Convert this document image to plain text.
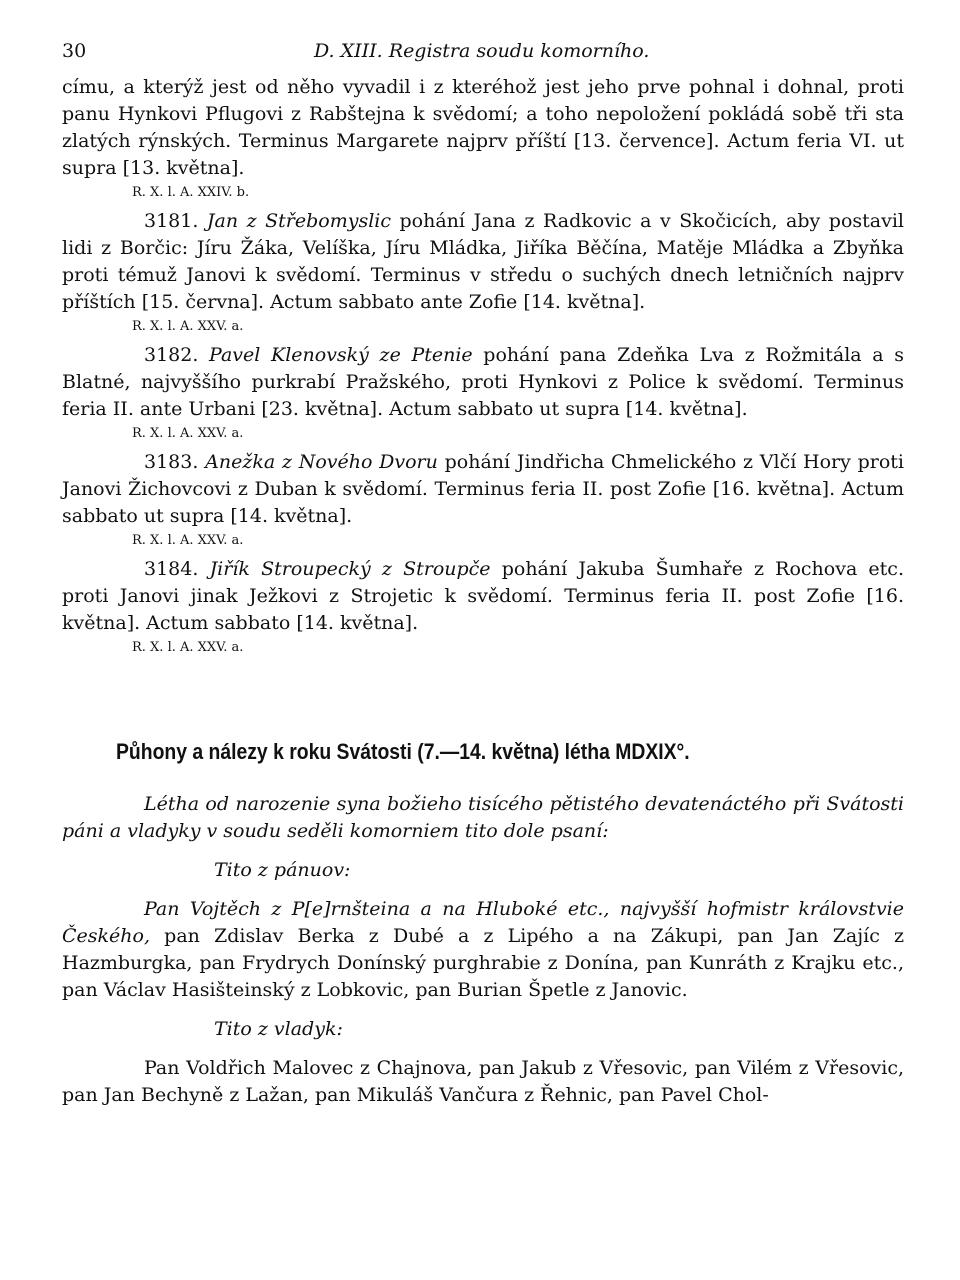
30	D. XIII. Registra soudu komorního.

címu, a kterýž jest od něho vyvadil i z kteréhož jest jeho prve pohnal i dohnal, proti panu Hynkovi Pflugovi z Rabštejna k svědomí; a toho nepoložení pokládá sobě tři sta zlatých rýnských. Terminus Margarete najprv příští [13. července]. Actum feria VI. ut supra [13. května].

R. X. l. A. XXIV. b.

3181. Jan z Střebomyslic pohání Jana z Radkovic a v Skočicích, aby postavil lidi z Borčic: Jíru Žáka, Velíška, Jíru Mládka, Jiříka Běčína, Matěje Mládka a Zbyňka proti témuž Janovi k svědomí. Terminus v středu o suchých dnech letničních najprv příštích [15. června]. Actum sabbato ante Zofie [14. května].

R. X. l. A. XXV. a.

3182. Pavel Klenovský ze Ptenie pohání pana Zdeňka Lva z Rožmitála a s Blatné, najvyššího purkrabí Pražského, proti Hynkovi z Police k svědomí. Terminus feria II. ante Urbani [23. května]. Actum sabbato ut supra [14. května].

R. X. l. A. XXV. a.

3183. Anežka z Nového Dvoru pohání Jindřicha Chmelického z Vlčí Hory proti Janovi Žichovcovi z Duban k svědomí. Terminus feria II. post Zofie [16. května]. Actum sabbato ut supra [14. května].

R. X. l. A. XXV. a.

3184. Jiřík Stroupecký z Stroupče pohání Jakuba Šumhaře z Rochova etc. proti Janovi jinak Ježkovi z Strojetic k svědomí. Terminus feria II. post Zofie [16. května]. Actum sabbato [14. května].

R. X. l. A. XXV. a.

Půhony a nálezy k roku Svátosti (7.—14. května) létha MDXIX°.

Létha od narozenie syna božieho tisícého pětistého devatenáctého při Svátosti páni a vladyky v soudu seděli komorniem tito dole psaní:

Tito z pánuov:

Pan Vojtěch z P[e]rnšteina a na Hluboké etc., najvyšší hofmistr královstvie Českého, pan Zdislav Berka z Dubé a z Lipého a na Zákupi, pan Jan Zajíc z Hazmburgka, pan Frydrych Donínský purghrabie z Donína, pan Kunráth z Krajku etc., pan Václav Hasišteinský z Lobkovic, pan Burian Špetle z Janovic.

Tito z vladyk:

Pan Voldřich Malovec z Chajnova, pan Jakub z Vřesovic, pan Vilém z Vřesovic, pan Jan Bechyně z Lažan, pan Mikuláš Vančura z Řehnic, pan Pavel Chol-
